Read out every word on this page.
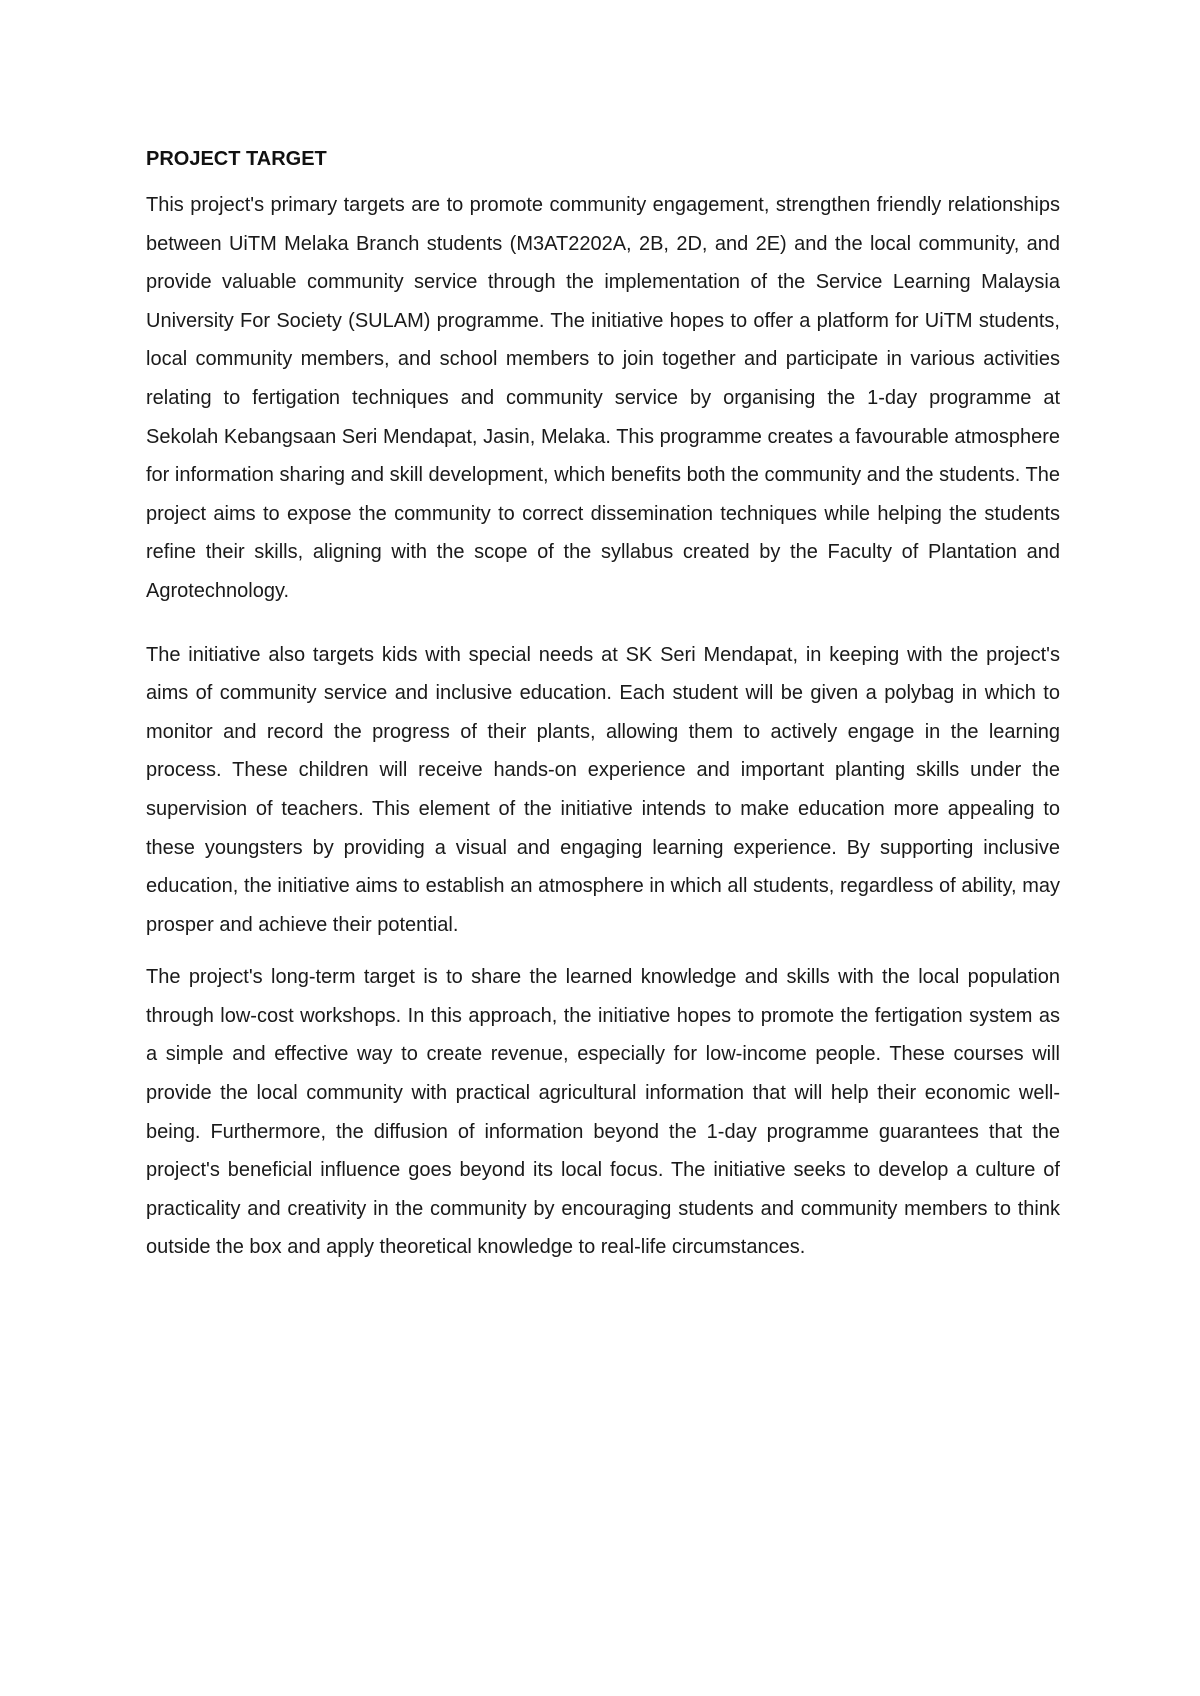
PROJECT TARGET

This project's primary targets are to promote community engagement, strengthen friendly relationships between UiTM Melaka Branch students (M3AT2202A, 2B, 2D, and 2E) and the local community, and provide valuable community service through the implementation of the Service Learning Malaysia University For Society (SULAM) programme. The initiative hopes to offer a platform for UiTM students, local community members, and school members to join together and participate in various activities relating to fertigation techniques and community service by organising the 1-day programme at Sekolah Kebangsaan Seri Mendapat, Jasin, Melaka. This programme creates a favourable atmosphere for information sharing and skill development, which benefits both the community and the students. The project aims to expose the community to correct dissemination techniques while helping the students refine their skills, aligning with the scope of the syllabus created by the Faculty of Plantation and Agrotechnology.

The initiative also targets kids with special needs at SK Seri Mendapat, in keeping with the project's aims of community service and inclusive education. Each student will be given a polybag in which to monitor and record the progress of their plants, allowing them to actively engage in the learning process. These children will receive hands-on experience and important planting skills under the supervision of teachers. This element of the initiative intends to make education more appealing to these youngsters by providing a visual and engaging learning experience. By supporting inclusive education, the initiative aims to establish an atmosphere in which all students, regardless of ability, may prosper and achieve their potential.

The project's long-term target is to share the learned knowledge and skills with the local population through low-cost workshops. In this approach, the initiative hopes to promote the fertigation system as a simple and effective way to create revenue, especially for low-income people. These courses will provide the local community with practical agricultural information that will help their economic well-being. Furthermore, the diffusion of information beyond the 1-day programme guarantees that the project's beneficial influence goes beyond its local focus. The initiative seeks to develop a culture of practicality and creativity in the community by encouraging students and community members to think outside the box and apply theoretical knowledge to real-life circumstances.
